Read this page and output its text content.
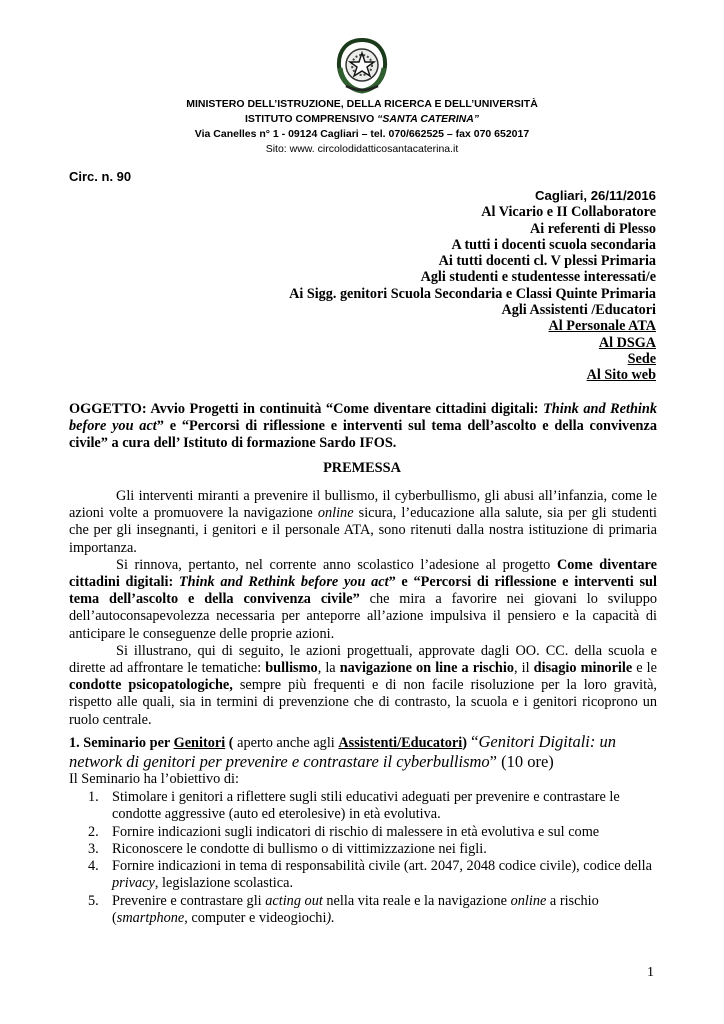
MINISTERO DELL’ISTRUZIONE, DELLA RICERCA E DELL’UNIVERSITÀ
ISTITUTO COMPRENSIVO “SANTA CATERINA”
Via Canelles n° 1 - 09124 Cagliari – tel. 070/662525 – fax 070 652017
Sito: www. circolodidatticosantacaterina.it
Circ. n. 90
Cagliari, 26/11/2016
Al Vicario e II Collaboratore
Ai referenti di Plesso
A tutti i docenti scuola secondaria
Ai tutti docenti cl. V plessi Primaria
Agli studenti e studentesse interessati/e
Ai Sigg. genitori Scuola Secondaria e Classi Quinte Primaria
Agli Assistenti /Educatori
Al Personale ATA
Al DSGA
Sede
Al Sito web
OGGETTO: Avvio Progetti in continuità “Come diventare cittadini digitali: Think and Rethink before you act” e “Percorsi di riflessione e interventi sul tema dell’ascolto e della convivenza civile” a cura dell’ Istituto di formazione Sardo IFOS.
PREMESSA

Gli interventi miranti a prevenire il bullismo, il cyberbullismo, gli abusi all’infanzia, come le azioni volte a promuovere la navigazione online sicura, l’educazione alla salute, sia per gli studenti che per gli insegnanti, i genitori e il personale ATA, sono ritenuti dalla nostra istituzione di primaria importanza.

Si rinnova, pertanto, nel corrente anno scolastico l’adesione al progetto Come diventare cittadini digitali: Think and Rethink before you act” e “Percorsi di riflessione e interventi sul tema dell’ascolto e della convivenza civile” che mira a favorire nei giovani lo sviluppo dell’autoconsapevolezza necessaria per anteporre all’azione impulsiva il pensiero e la capacità di anticipare le conseguenze delle proprie azioni.

Si illustrano, qui di seguito, le azioni progettuali, approvate dagli OO. CC. della scuola e dirette ad affrontare le tematiche: bullismo, la navigazione on line a rischio, il disagio minorile e le condotte psicopatologiche, sempre più frequenti e di non facile risoluzione per la loro gravità, rispetto alle quali, sia in termini di prevenzione che di contrasto, la scuola e i genitori ricoprono un ruolo centrale.

1. Seminario per Genitori ( aperto anche agli Assistenti/Educatori) “Genitori Digitali: un network di genitori per prevenire e contrastare il cyberbullismo” (10 ore)
Il Seminario ha l’obiettivo di:
1. Stimolare i genitori a riflettere sugli stili educativi adeguati per prevenire e contrastare le condotte aggressive (auto ed eterolesive) in età evolutiva.
2. Fornire indicazioni sugli indicatori di rischio di malessere in età evolutiva e sul come
3. Riconoscere le condotte di bullismo o di vittimizzazione nei figli.
4. Fornire indicazioni in tema di responsabilità civile (art. 2047, 2048 codice civile), codice della privacy, legislazione scolastica.
5. Prevenire e contrastare gli acting out nella vita reale e la navigazione online a rischio (smartphone, computer e videogiochi).
1
